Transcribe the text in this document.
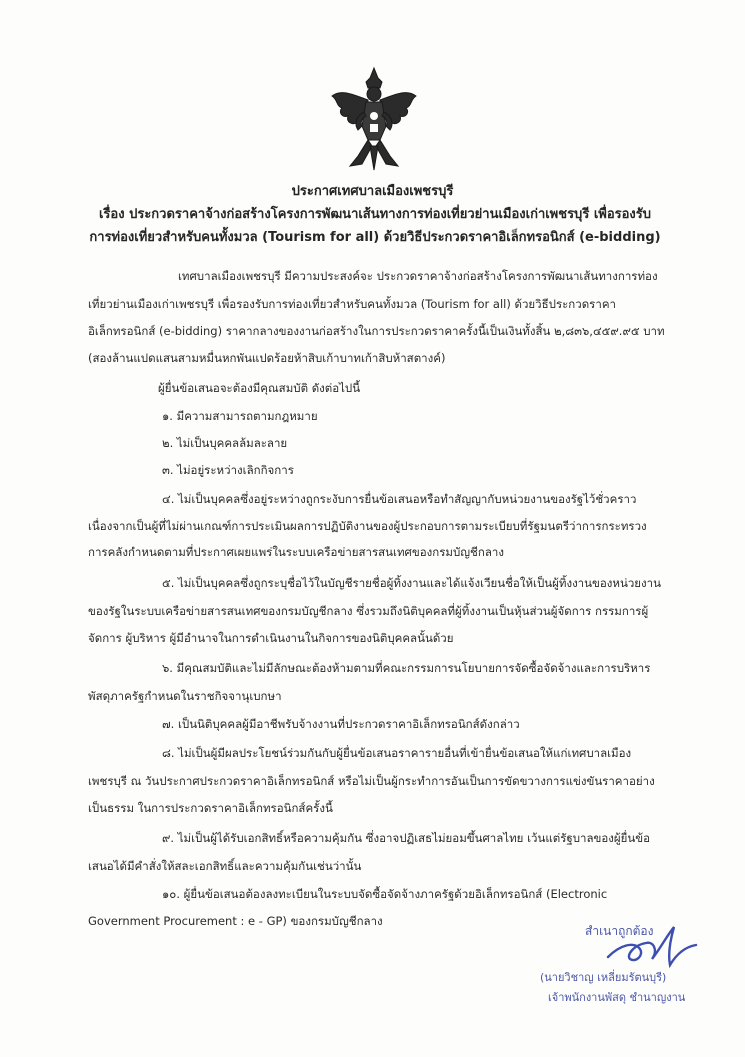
ประกาศเทศบาลเมืองเพชรบุรี
เรื่อง ประกวดราคาจ้างก่อสร้างโครงการพัฒนาเส้นทางการท่องเที่ยวย่านเมืองเก่าเพชรบุรี เพื่อรองรับ
การท่องเที่ยวสำหรับคนทั้งมวล (Tourism for all) ด้วยวิธีประกวดราคาอิเล็กทรอนิกส์ (e-bidding)
เทศบาลเมืองเพชรบุรี มีความประสงค์จะ ประกวดราคาจ้างก่อสร้างโครงการพัฒนาเส้นทางการท่อง
เที่ยวย่านเมืองเก่าเพชรบุรี เพื่อรองรับการท่องเที่ยวสำหรับคนทั้งมวล (Tourism for all) ด้วยวิธีประกวดราคา
อิเล็กทรอนิกส์ (e-bidding) ราคากลางของงานก่อสร้างในการประกวดราคาครั้งนี้เป็นเงินทั้งสิ้น ๒,๘๓๖,๔๕๙.๙๕ บาท
(สองล้านแปดแสนสามหมื่นหกพันแปดร้อยห้าสิบเก้าบาทเก้าสิบห้าสตางค์)
ผู้ยื่นข้อเสนอจะต้องมีคุณสมบัติ ดังต่อไปนี้
๑. มีความสามารถตามกฎหมาย
๒. ไม่เป็นบุคคลล้มละลาย
๓. ไม่อยู่ระหว่างเลิกกิจการ
๔. ไม่เป็นบุคคลซึ่งอยู่ระหว่างถูกระงับการยื่นข้อเสนอหรือทำสัญญากับหน่วยงานของรัฐไว้ชั่วคราว
เนื่องจากเป็นผู้ที่ไม่ผ่านเกณฑ์การประเมินผลการปฏิบัติงานของผู้ประกอบการตามระเบียบที่รัฐมนตรีว่าการกระทรวง
การคลังกำหนดตามที่ประกาศเผยแพร่ในระบบเครือข่ายสารสนเทศของกรมบัญชีกลาง
๕. ไม่เป็นบุคคลซึ่งถูกระบุชื่อไว้ในบัญชีรายชื่อผู้ทิ้งงานและได้แจ้งเวียนชื่อให้เป็นผู้ทิ้งงานของหน่วยงาน
ของรัฐในระบบเครือข่ายสารสนเทศของกรมบัญชีกลาง ซึ่งรวมถึงนิติบุคคลที่ผู้ทิ้งงานเป็นหุ้นส่วนผู้จัดการ กรรมการผู้
จัดการ ผู้บริหาร ผู้มีอำนาจในการดำเนินงานในกิจการของนิติบุคคลนั้นด้วย
๖. มีคุณสมบัติและไม่มีลักษณะต้องห้ามตามที่คณะกรรมการนโยบายการจัดซื้อจัดจ้างและการบริหาร
พัสดุภาครัฐกำหนดในราชกิจจานุเบกษา
๗. เป็นนิติบุคคลผู้มีอาชีพรับจ้างงานที่ประกวดราคาอิเล็กทรอนิกส์ดังกล่าว
๘. ไม่เป็นผู้มีผลประโยชน์ร่วมกันกับผู้ยื่นข้อเสนอราคารายอื่นที่เข้ายื่นข้อเสนอให้แก่เทศบาลเมือง
เพชรบุรี ณ วันประกาศประกวดราคาอิเล็กทรอนิกส์ หรือไม่เป็นผู้กระทำการอันเป็นการขัดขวางการแข่งขันราคาอย่าง
เป็นธรรม ในการประกวดราคาอิเล็กทรอนิกส์ครั้งนี้
๙. ไม่เป็นผู้ได้รับเอกสิทธิ์หรือความคุ้มกัน ซึ่งอาจปฏิเสธไม่ยอมขึ้นศาลไทย เว้นแต่รัฐบาลของผู้ยื่นข้อ
เสนอได้มีคำสั่งให้สละเอกสิทธิ์และความคุ้มกันเช่นว่านั้น
๑๐. ผู้ยื่นข้อเสนอต้องลงทะเบียนในระบบจัดซื้อจัดจ้างภาครัฐด้วยอิเล็กทรอนิกส์ (Electronic
Government Procurement : e - GP) ของกรมบัญชีกลาง
สำเนาถูกต้อง
(นายวิชาญ เหลี่ยมรัตนบุรี)
เจ้าพนักงานพัสดุ ชำนาญงาน
